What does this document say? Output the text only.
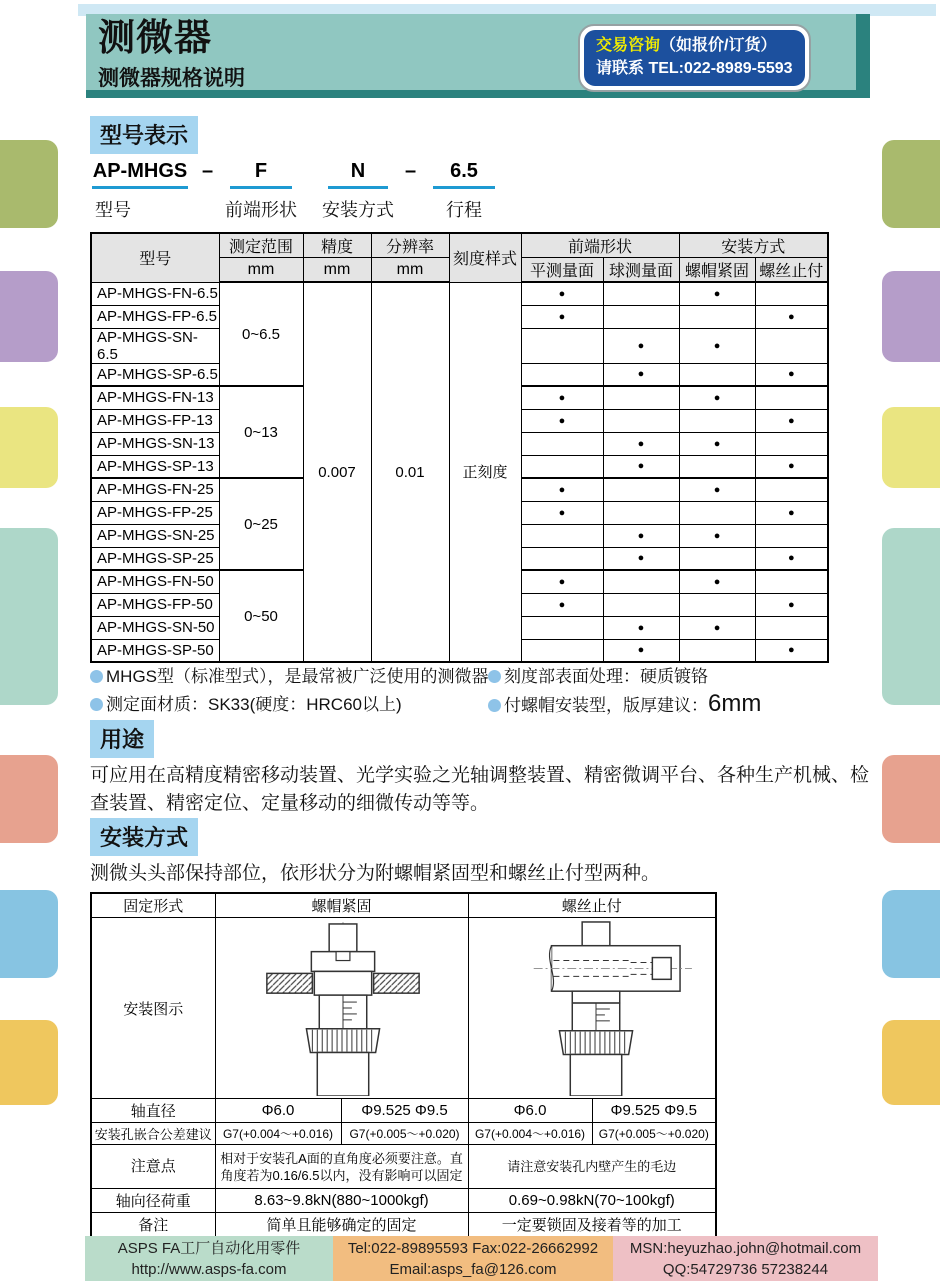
测微器
测微器规格说明
交易咨询（如报价/订货）
请联系 TEL:022-8989-5593
型号表示
AP-MHGS –	F	N	–	6.5
型号	前端形状 安装方式	行程
型号	测定范围	精度	分辨率	刻度样式	前端形状		安装方式	
	mm	mm	mm		平测量面	球测量面	螺帽紧固	螺丝止付
AP-MHGS-FN-6.5	0~6.5	0.007	0.01	正刻度	●		●	
AP-MHGS-FP-6.5					●			●
AP-MHGS-SN-6.5						●	●	
AP-MHGS-SP-6.5						●		●
AP-MHGS-FN-13	0~13				●		●	
AP-MHGS-FP-13					●			●
AP-MHGS-SN-13						●	●	
AP-MHGS-SP-13						●		●
AP-MHGS-FN-25	0~25				●		●	
AP-MHGS-FP-25					●			●
AP-MHGS-SN-25						●	●	
AP-MHGS-SP-25						●		●
AP-MHGS-FN-50	0~50				●		●	
AP-MHGS-FP-50					●			●
AP-MHGS-SN-50						●	●	
AP-MHGS-SP-50						●		●
MHGS型（标准型式），是最常被广泛使用的测微器
测定面材质：SK33(硬度：HRC60以上)
刻度部表面处理：硬质镀铬
付螺帽安装型，版厚建议：6mm
用途
可应用在高精度精密移动装置、光学实验之光轴调整装置、精密微调平台、各种生产机械、检查装置、精密定位、定量移动的细微传动等等。
安装方式
测微头头部保持部位，依形状分为附螺帽紧固型和螺丝止付型两种。
固定形式	螺帽紧固		螺丝止付	
安装图示	

轴直径	Φ6.0	Φ9.525 Φ9.5	Φ6.0	Φ9.525 Φ9.5
安装孔嵌合公差建议	G7(+0.004～+0.016)	G7(+0.005～+0.020)	G7(+0.004～+0.016)	G7(+0.005～+0.020)
注意点	相对于安装孔A面的直角度必须要注意。直角度若为0.16/6.5以内，没有影响可以固定		请注意安装孔内壁产生的毛边	
轴向径荷重	8.63~9.8kN(880~1000kgf)		0.69~0.98kN(70~100kgf)	
备注	简单且能够确定的固定		一定要锁固及接着等的加工	
ASPS FA工厂自动化用零件
http://www.asps-fa.com
Tel:022-89895593 Fax:022-26662992
Email:asps_fa@126.com
MSN:heyuzhao.john@hotmail.com
QQ:54729736 57238244
